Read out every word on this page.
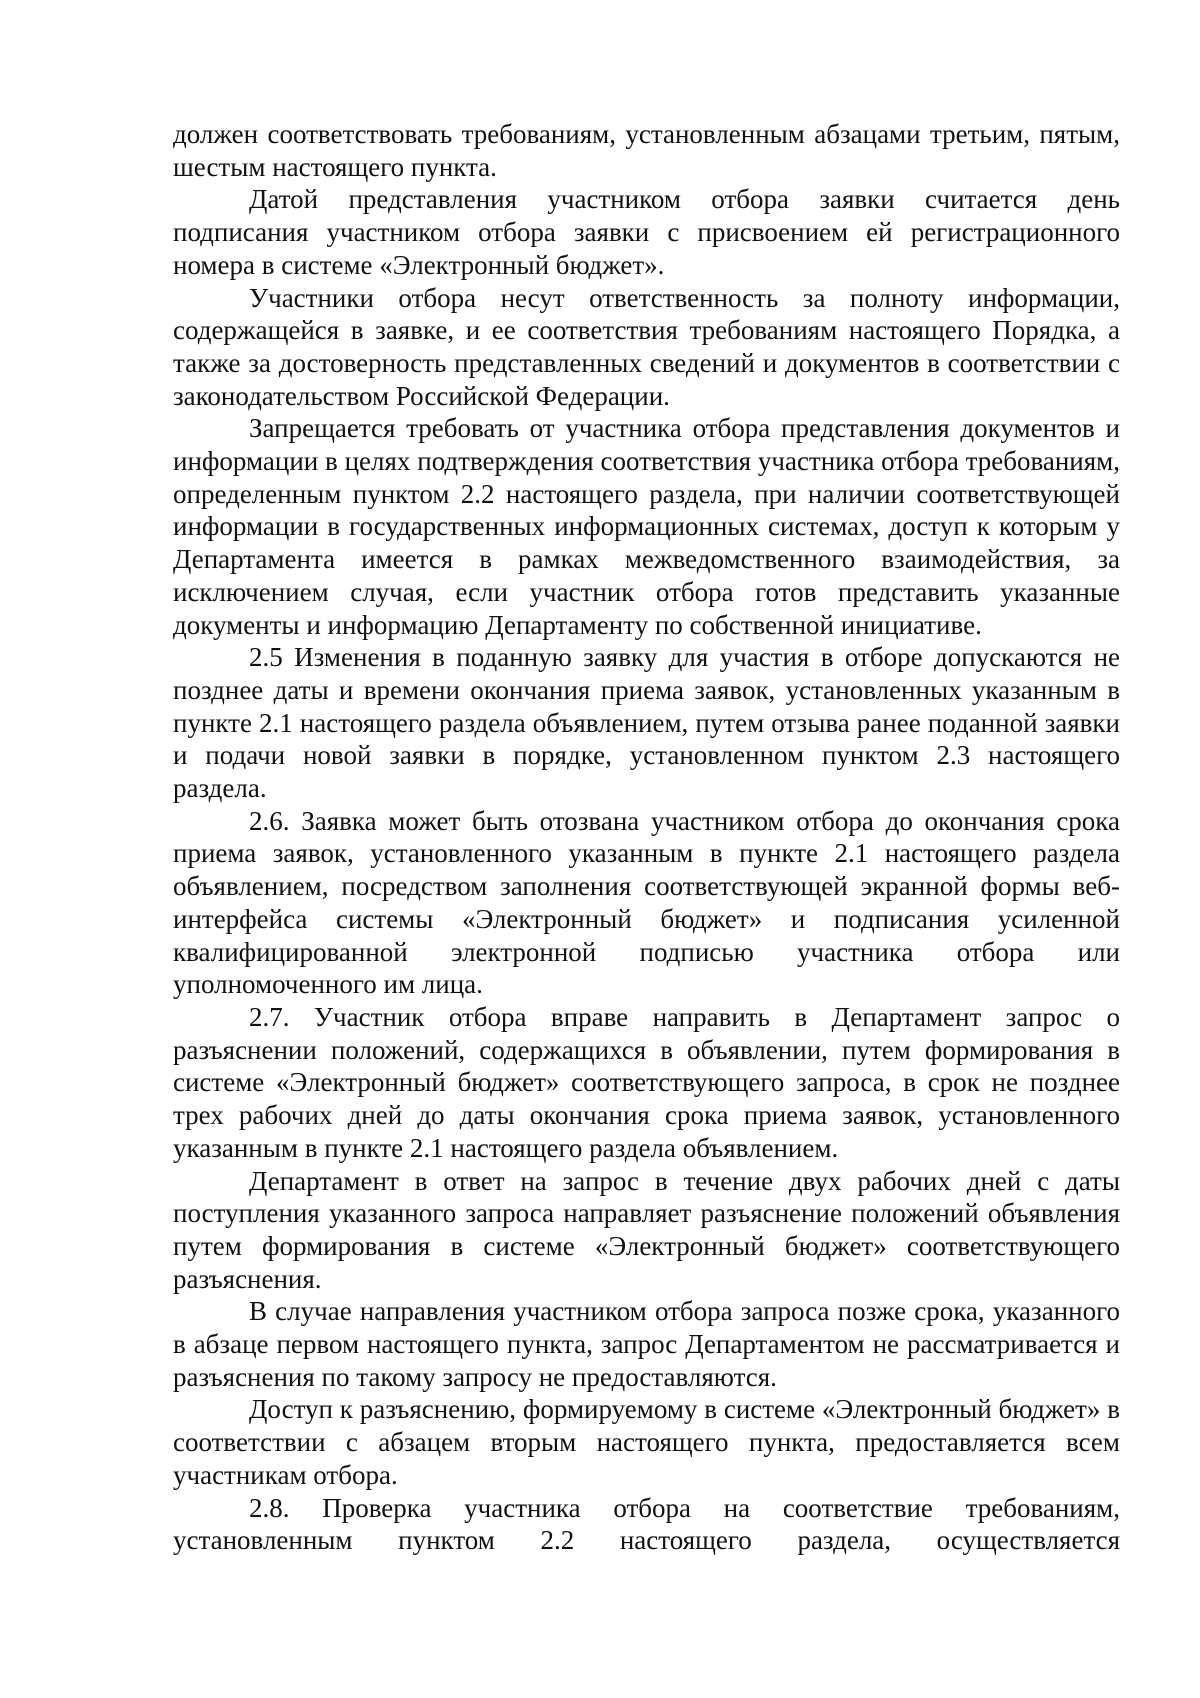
должен соответствовать требованиям, установленным абзацами третьим, пятым, шестым настоящего пункта.

Датой представления участником отбора заявки считается день подписания участником отбора заявки с присвоением ей регистрационного номера в системе «Электронный бюджет».

Участники отбора несут ответственность за полноту информации, содержащейся в заявке, и ее соответствия требованиям настоящего Порядка, а также за достоверность представленных сведений и документов в соответствии с законодательством Российской Федерации.

Запрещается требовать от участника отбора представления документов и информации в целях подтверждения соответствия участника отбора требованиям, определенным пунктом 2.2 настоящего раздела, при наличии соответствующей информации в государственных информационных системах, доступ к которым у Департамента имеется в рамках межведомственного взаимодействия, за исключением случая, если участник отбора готов представить указанные документы и информацию Департаменту по собственной инициативе.

2.5 Изменения в поданную заявку для участия в отборе допускаются не позднее даты и времени окончания приема заявок, установленных указанным в пункте 2.1 настоящего раздела объявлением, путем отзыва ранее поданной заявки и подачи новой заявки в порядке, установленном пунктом 2.3 настоящего раздела.

2.6. Заявка может быть отозвана участником отбора до окончания срока приема заявок, установленного указанным в пункте 2.1 настоящего раздела объявлением, посредством заполнения соответствующей экранной формы веб-интерфейса системы «Электронный бюджет» и подписания усиленной квалифицированной электронной подписью участника отбора или уполномоченного им лица.

2.7. Участник отбора вправе направить в Департамент запрос о разъяснении положений, содержащихся в объявлении, путем формирования в системе «Электронный бюджет» соответствующего запроса, в срок не позднее трех рабочих дней до даты окончания срока приема заявок, установленного указанным в пункте 2.1 настоящего раздела объявлением.

Департамент в ответ на запрос в течение двух рабочих дней с даты поступления указанного запроса направляет разъяснение положений объявления путем формирования в системе «Электронный бюджет» соответствующего разъяснения.

В случае направления участником отбора запроса позже срока, указанного в абзаце первом настоящего пункта, запрос Департаментом не рассматривается и разъяснения по такому запросу не предоставляются.

Доступ к разъяснению, формируемому в системе «Электронный бюджет» в соответствии с абзацем вторым настоящего пункта, предоставляется всем участникам отбора.

2.8. Проверка участника отбора на соответствие требованиям, установленным пунктом 2.2 настоящего раздела, осуществляется
